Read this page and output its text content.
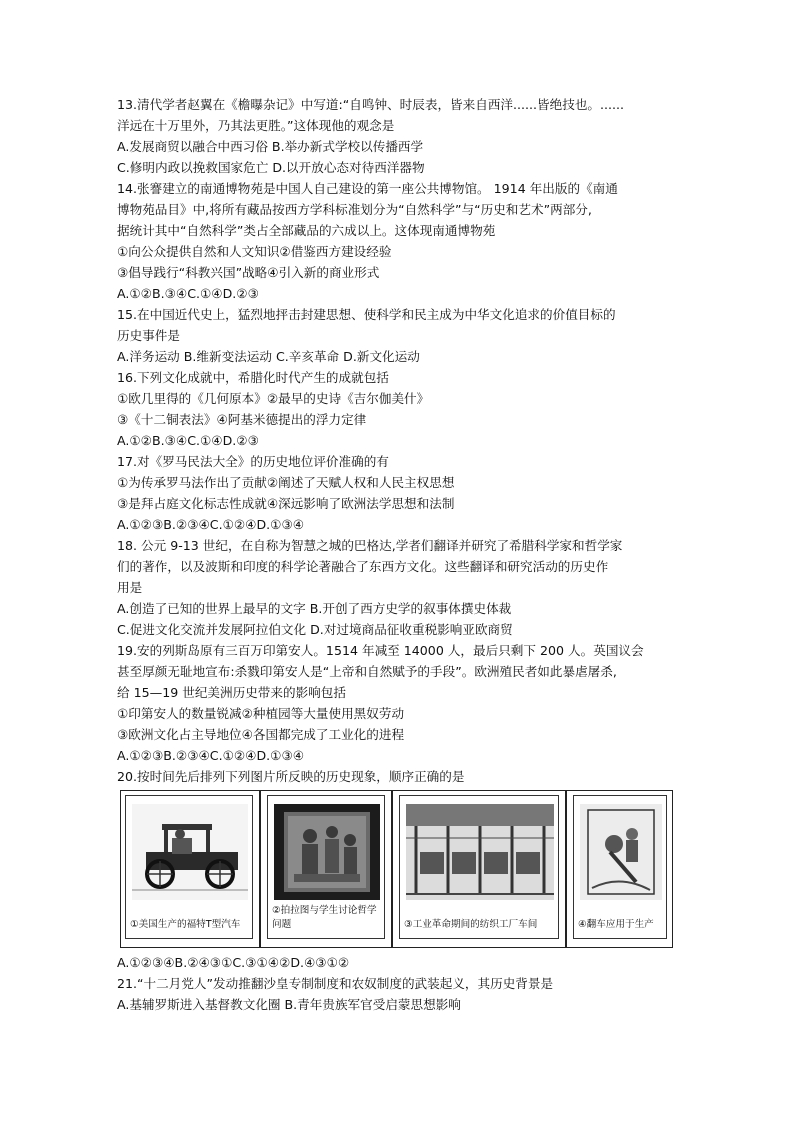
13.清代学者赵翼在《檐曝杂记》中写道:“自鸣钟、时辰表，皆来自西洋......皆绝技也。......
洋远在十万里外，乃其法更胜。”这体现他的观念是
A.发展商贸以融合中西习俗 B.举办新式学校以传播西学
C.修明内政以挽救国家危亡 D.以开放心态对待西洋器物
14.张謇建立的南通博物苑是中国人自己建设的第一座公共博物馆。 1914 年出版的《南通
博物苑品目》中,将所有藏品按西方学科标准划分为“自然科学”与“历史和艺术”两部分,
据统计其中“自然科学”类占全部藏品的六成以上。这体现南通博物苑
①向公众提供自然和人文知识②借鉴西方建设经验
③倡导践行“科教兴国”战略④引入新的商业形式
A.①②B.③④C.①④D.②③
15.在中国近代史上，猛烈地抨击封建思想、使科学和民主成为中华文化追求的价值目标的
历史事件是
A.洋务运动 B.维新变法运动 C.辛亥革命 D.新文化运动
16.下列文化成就中，希腊化时代产生的成就包括
①欧几里得的《几何原本》②最早的史诗《吉尔伽美什》
③《十二铜表法》④阿基米德提出的浮力定律
A.①②B.③④C.①④D.②③
17.对《罗马民法大全》的历史地位评价准确的有
①为传承罗马法作出了贡献②阐述了天赋人权和人民主权思想
③是拜占庭文化标志性成就④深远影响了欧洲法学思想和法制
A.①②③B.②③④C.①②④D.①③④
18. 公元 9-13 世纪，在自称为智慧之城的巴格达,学者们翻译并研究了希腊科学家和哲学家
们的著作，以及波斯和印度的科学论著融合了东西方文化。这些翻译和研究活动的历史作
用是
A.创造了已知的世界上最早的文字 B.开创了西方史学的叙事体撰史体裁
C.促进文化交流并发展阿拉伯文化 D.对过境商品征收重税影响亚欧商贸
19.安的列斯岛原有三百万印第安人。1514 年减至 14000 人，最后只剩下 200 人。英国议会
甚至厚颜无耻地宣布:杀戮印第安人是“上帝和自然赋予的手段”。欧洲殖民者如此暴虐屠杀,
给 15—19 世纪美洲历史带来的影响包括
①印第安人的数量锐减②种植园等大量使用黑奴劳动
③欧洲文化占主导地位④各国都完成了工业化的进程
A.①②③B.②③④C.①②④D.①③④
20.按时间先后排列下列图片所反映的历史现象，顺序正确的是
①美国生产的福特T型汽车
②拍拉图与学生讨论哲学问题	③工业革命期间的纺织工厂车间	④翻车应用于生产
A.①②③④B.②④③①C.③①④②D.④③①②
21.“十二月党人”发动推翻沙皇专制制度和农奴制度的武装起义，其历史背景是
A.基辅罗斯进入基督教文化圈 B.青年贵族军官受启蒙思想影响
